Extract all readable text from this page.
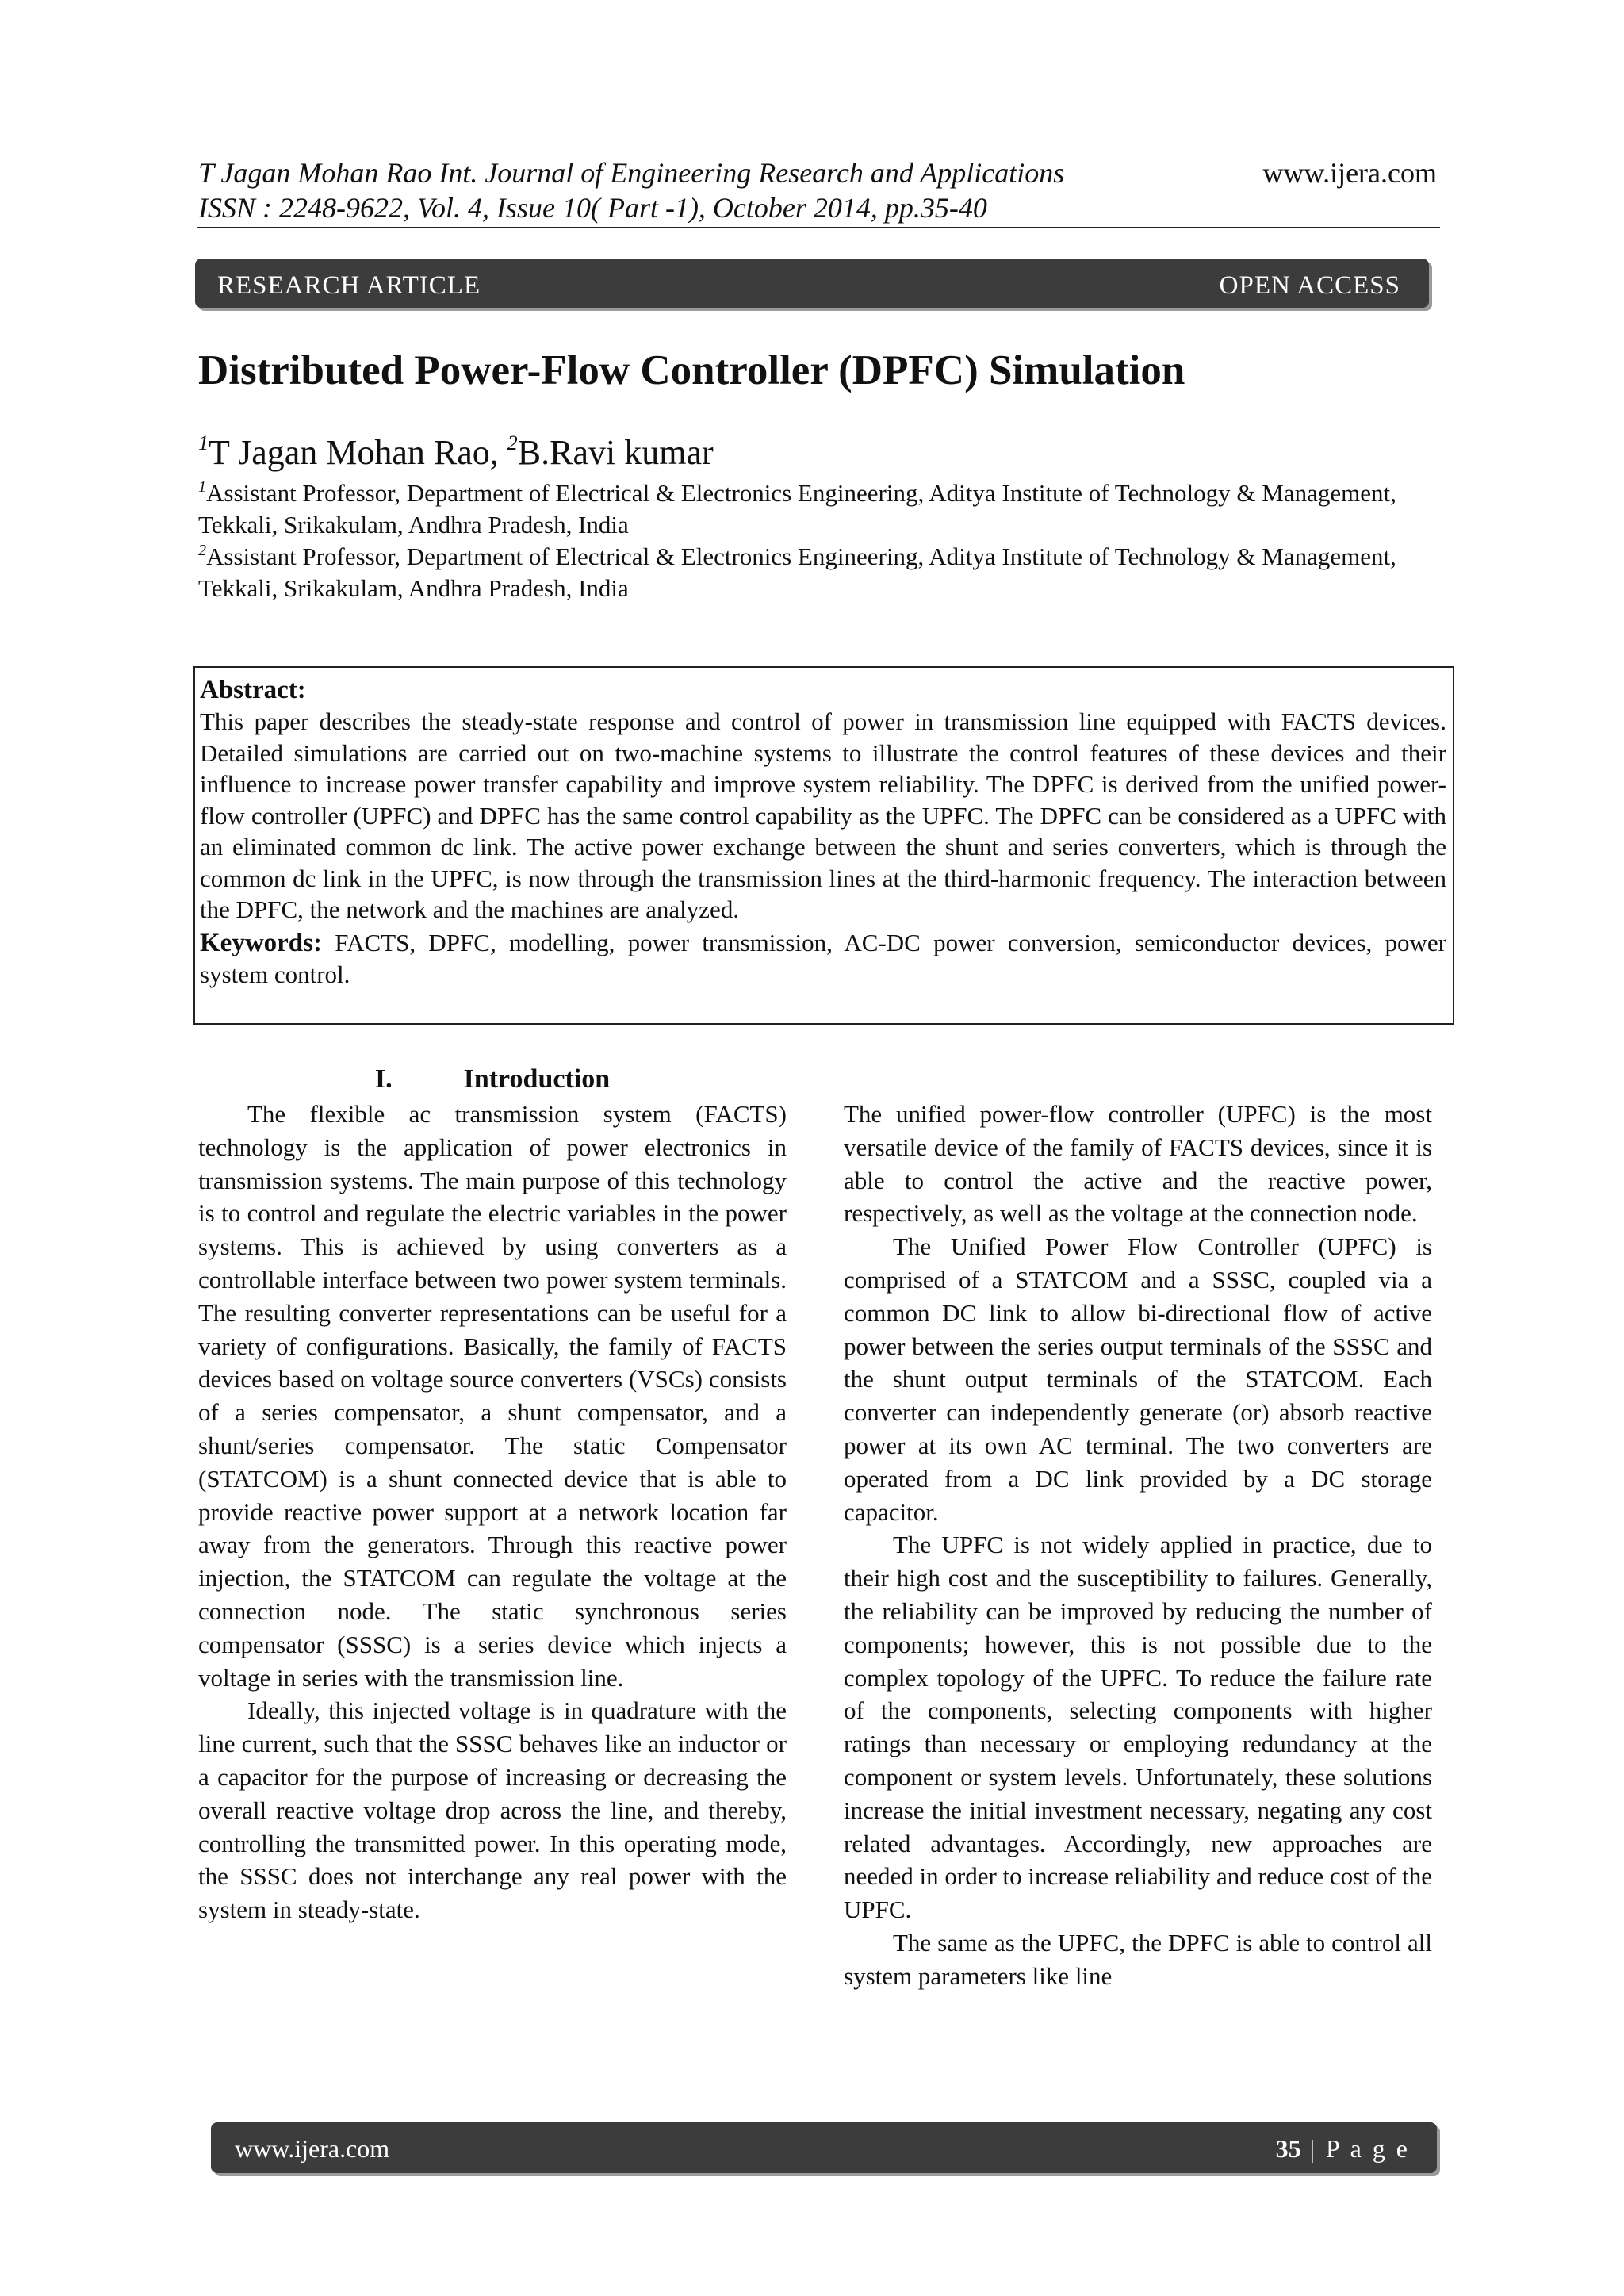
T Jagan Mohan Rao Int. Journal of Engineering Research and Applications
ISSN : 2248-9622, Vol. 4, Issue 10( Part -1), October 2014, pp.35-40
www.ijera.com
RESEARCH ARTICLE	OPEN ACCESS
Distributed Power-Flow Controller (DPFC) Simulation
$^1$T Jagan Mohan Rao, $^2$B.Ravi kumar
$^1$Assistant Professor, Department of Electrical & Electronics Engineering, Aditya Institute of Technology & Management, Tekkali, Srikakulam, Andhra Pradesh, India
$^2$Assistant Professor, Department of Electrical & Electronics Engineering, Aditya Institute of Technology & Management, Tekkali, Srikakulam, Andhra Pradesh, India
Abstract:
This paper describes the steady-state response and control of power in transmission line equipped with FACTS devices. Detailed simulations are carried out on two-machine systems to illustrate the control features of these devices and their influence to increase power transfer capability and improve system reliability. The DPFC is derived from the unified power-flow controller (UPFC) and DPFC has the same control capability as the UPFC. The DPFC can be considered as a UPFC with an eliminated common dc link. The active power exchange between the shunt and series converters, which is through the common dc link in the UPFC, is now through the transmission lines at the third-harmonic frequency. The interaction between the DPFC, the network and the machines are analyzed.
Keywords: FACTS, DPFC, modelling, power transmission, AC-DC power conversion, semiconductor devices, power system control.
I.	Introduction

The flexible ac transmission system (FACTS) technology is the application of power electronics in transmission systems. The main purpose of this technology is to control and regulate the electric variables in the power systems. This is achieved by using converters as a controllable interface between two power system terminals. The resulting converter representations can be useful for a variety of configurations. Basically, the family of FACTS devices based on voltage source converters (VSCs) consists of a series compensator, a shunt compensator, and a shunt/series compensator. The static Compensator (STATCOM) is a shunt connected device that is able to provide reactive power support at a network location far away from the generators. Through this reactive power injection, the STATCOM can regulate the voltage at the connection node. The static synchronous series compensator (SSSC) is a series device which injects a voltage in series with the transmission line.

Ideally, this injected voltage is in quadrature with the line current, such that the SSSC behaves like an inductor or a capacitor for the purpose of increasing or decreasing the overall reactive voltage drop across the line, and thereby, controlling the transmitted power. In this operating mode, the SSSC does not interchange any real power with the system in steady-state.

The unified power-flow controller (UPFC) is the most versatile device of the family of FACTS devices, since it is able to control the active and the reactive power, respectively, as well as the voltage at the connection node.

The Unified Power Flow Controller (UPFC) is comprised of a STATCOM and a SSSC, coupled via a common DC link to allow bi-directional flow of active power between the series output terminals of the SSSC and the shunt output terminals of the STATCOM. Each converter can independently generate (or) absorb reactive power at its own AC terminal. The two converters are operated from a DC link provided by a DC storage capacitor.

The UPFC is not widely applied in practice, due to their high cost and the susceptibility to failures. Generally, the reliability can be improved by reducing the number of components; however, this is not possible due to the complex topology of the UPFC. To reduce the failure rate of the components, selecting components with higher ratings than necessary or employing redundancy at the component or system levels. Unfortunately, these solutions increase the initial investment necessary, negating any cost related advantages. Accordingly, new approaches are needed in order to increase reliability and reduce cost of the UPFC.

The same as the UPFC, the DPFC is able to control all system parameters like line

www.ijera.com	35 | P a g e
